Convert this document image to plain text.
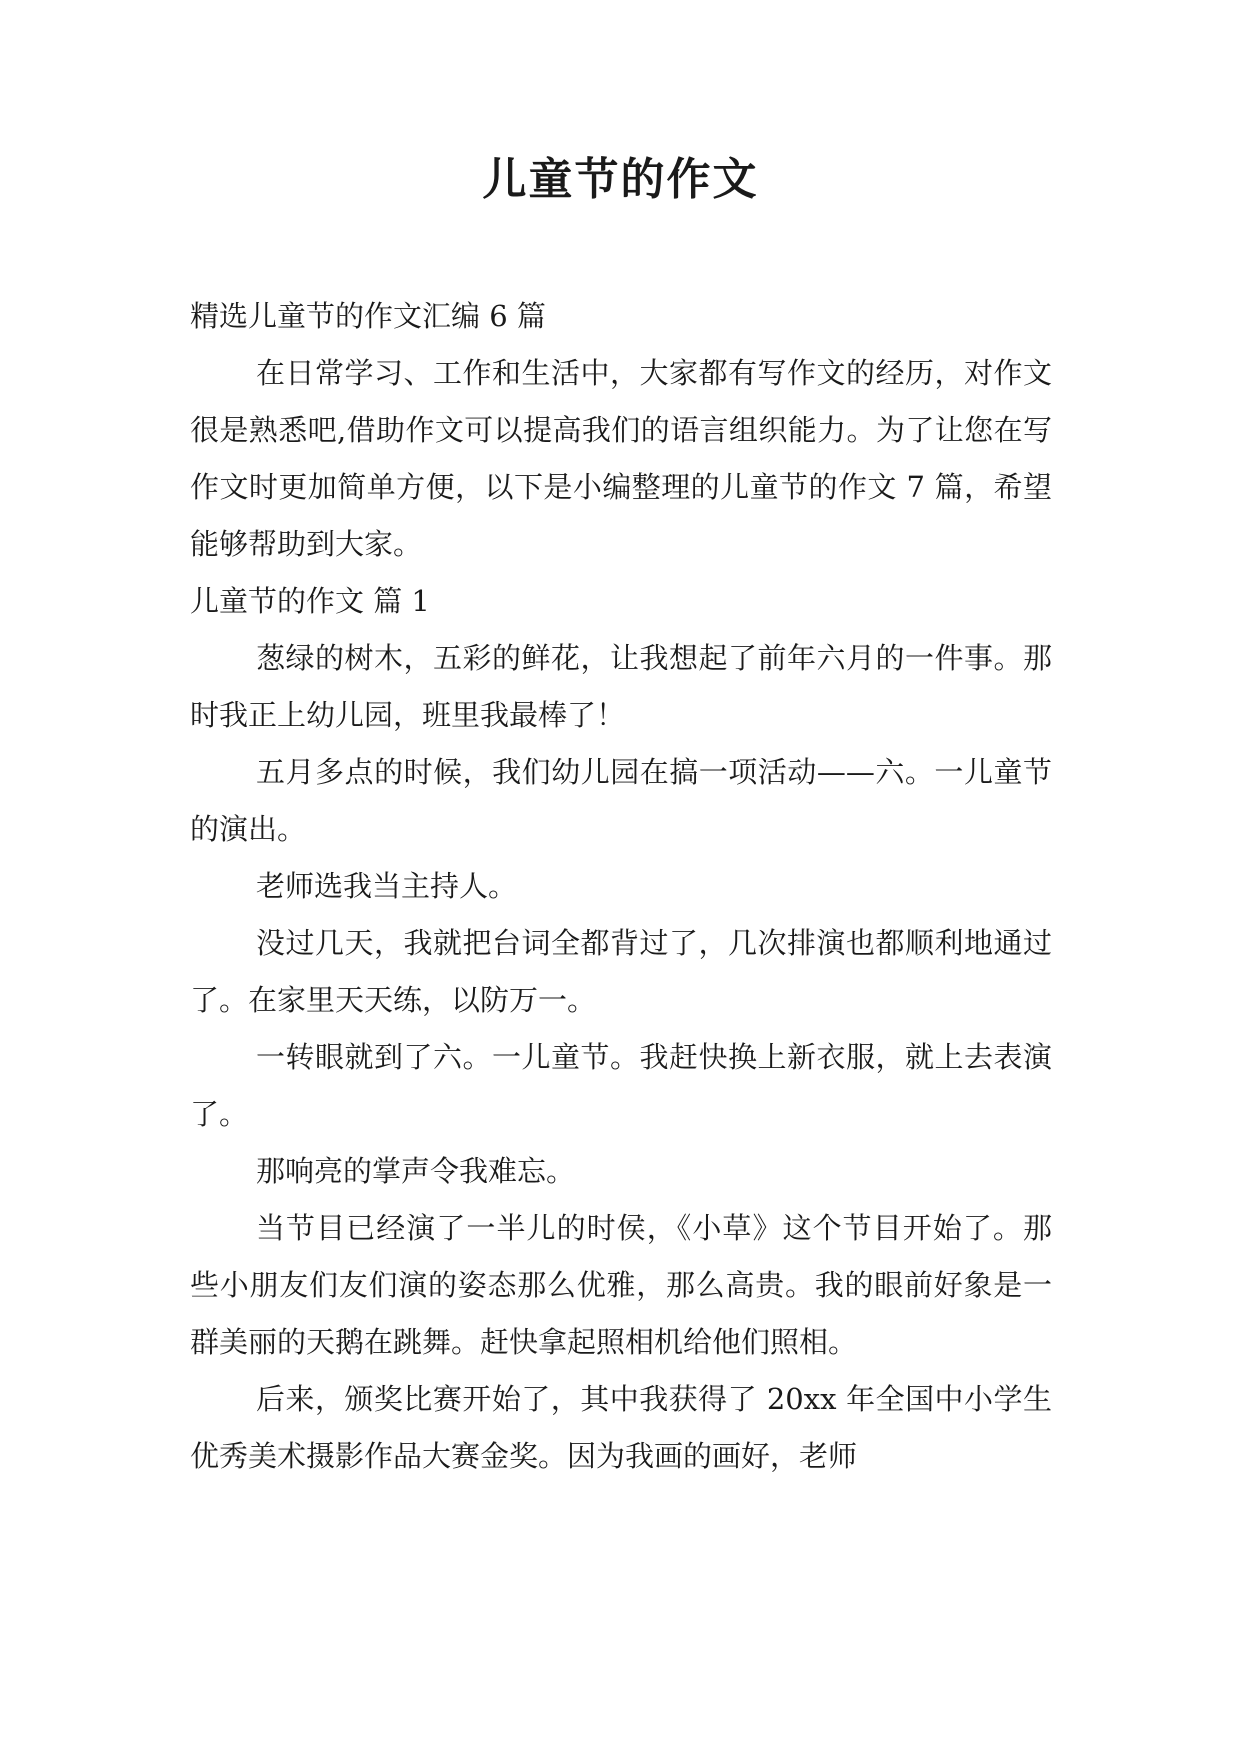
儿童节的作文

精选儿童节的作文汇编 6 篇

在日常学习、工作和生活中，大家都有写作文的经历，对作文很是熟悉吧,借助作文可以提高我们的语言组织能力。为了让您在写作文时更加简单方便，以下是小编整理的儿童节的作文 7 篇，希望能够帮助到大家。

儿童节的作文 篇 1

葱绿的树木，五彩的鲜花，让我想起了前年六月的一件事。那时我正上幼儿园，班里我最棒了！

五月多点的时候，我们幼儿园在搞一项活动——六。一儿童节的演出。

老师选我当主持人。

没过几天，我就把台词全都背过了，几次排演也都顺利地通过了。在家里天天练，以防万一。

一转眼就到了六。一儿童节。我赶快换上新衣服，就上去表演了。

那响亮的掌声令我难忘。

当节目已经演了一半儿的时侯，《小草》这个节目开始了。那些小朋友们友们演的姿态那么优雅，那么高贵。我的眼前好象是一群美丽的天鹅在跳舞。赶快拿起照相机给他们照相。

后来，颁奖比赛开始了，其中我获得了 20xx 年全国中小学生优秀美术摄影作品大赛金奖。因为我画的画好，老师
